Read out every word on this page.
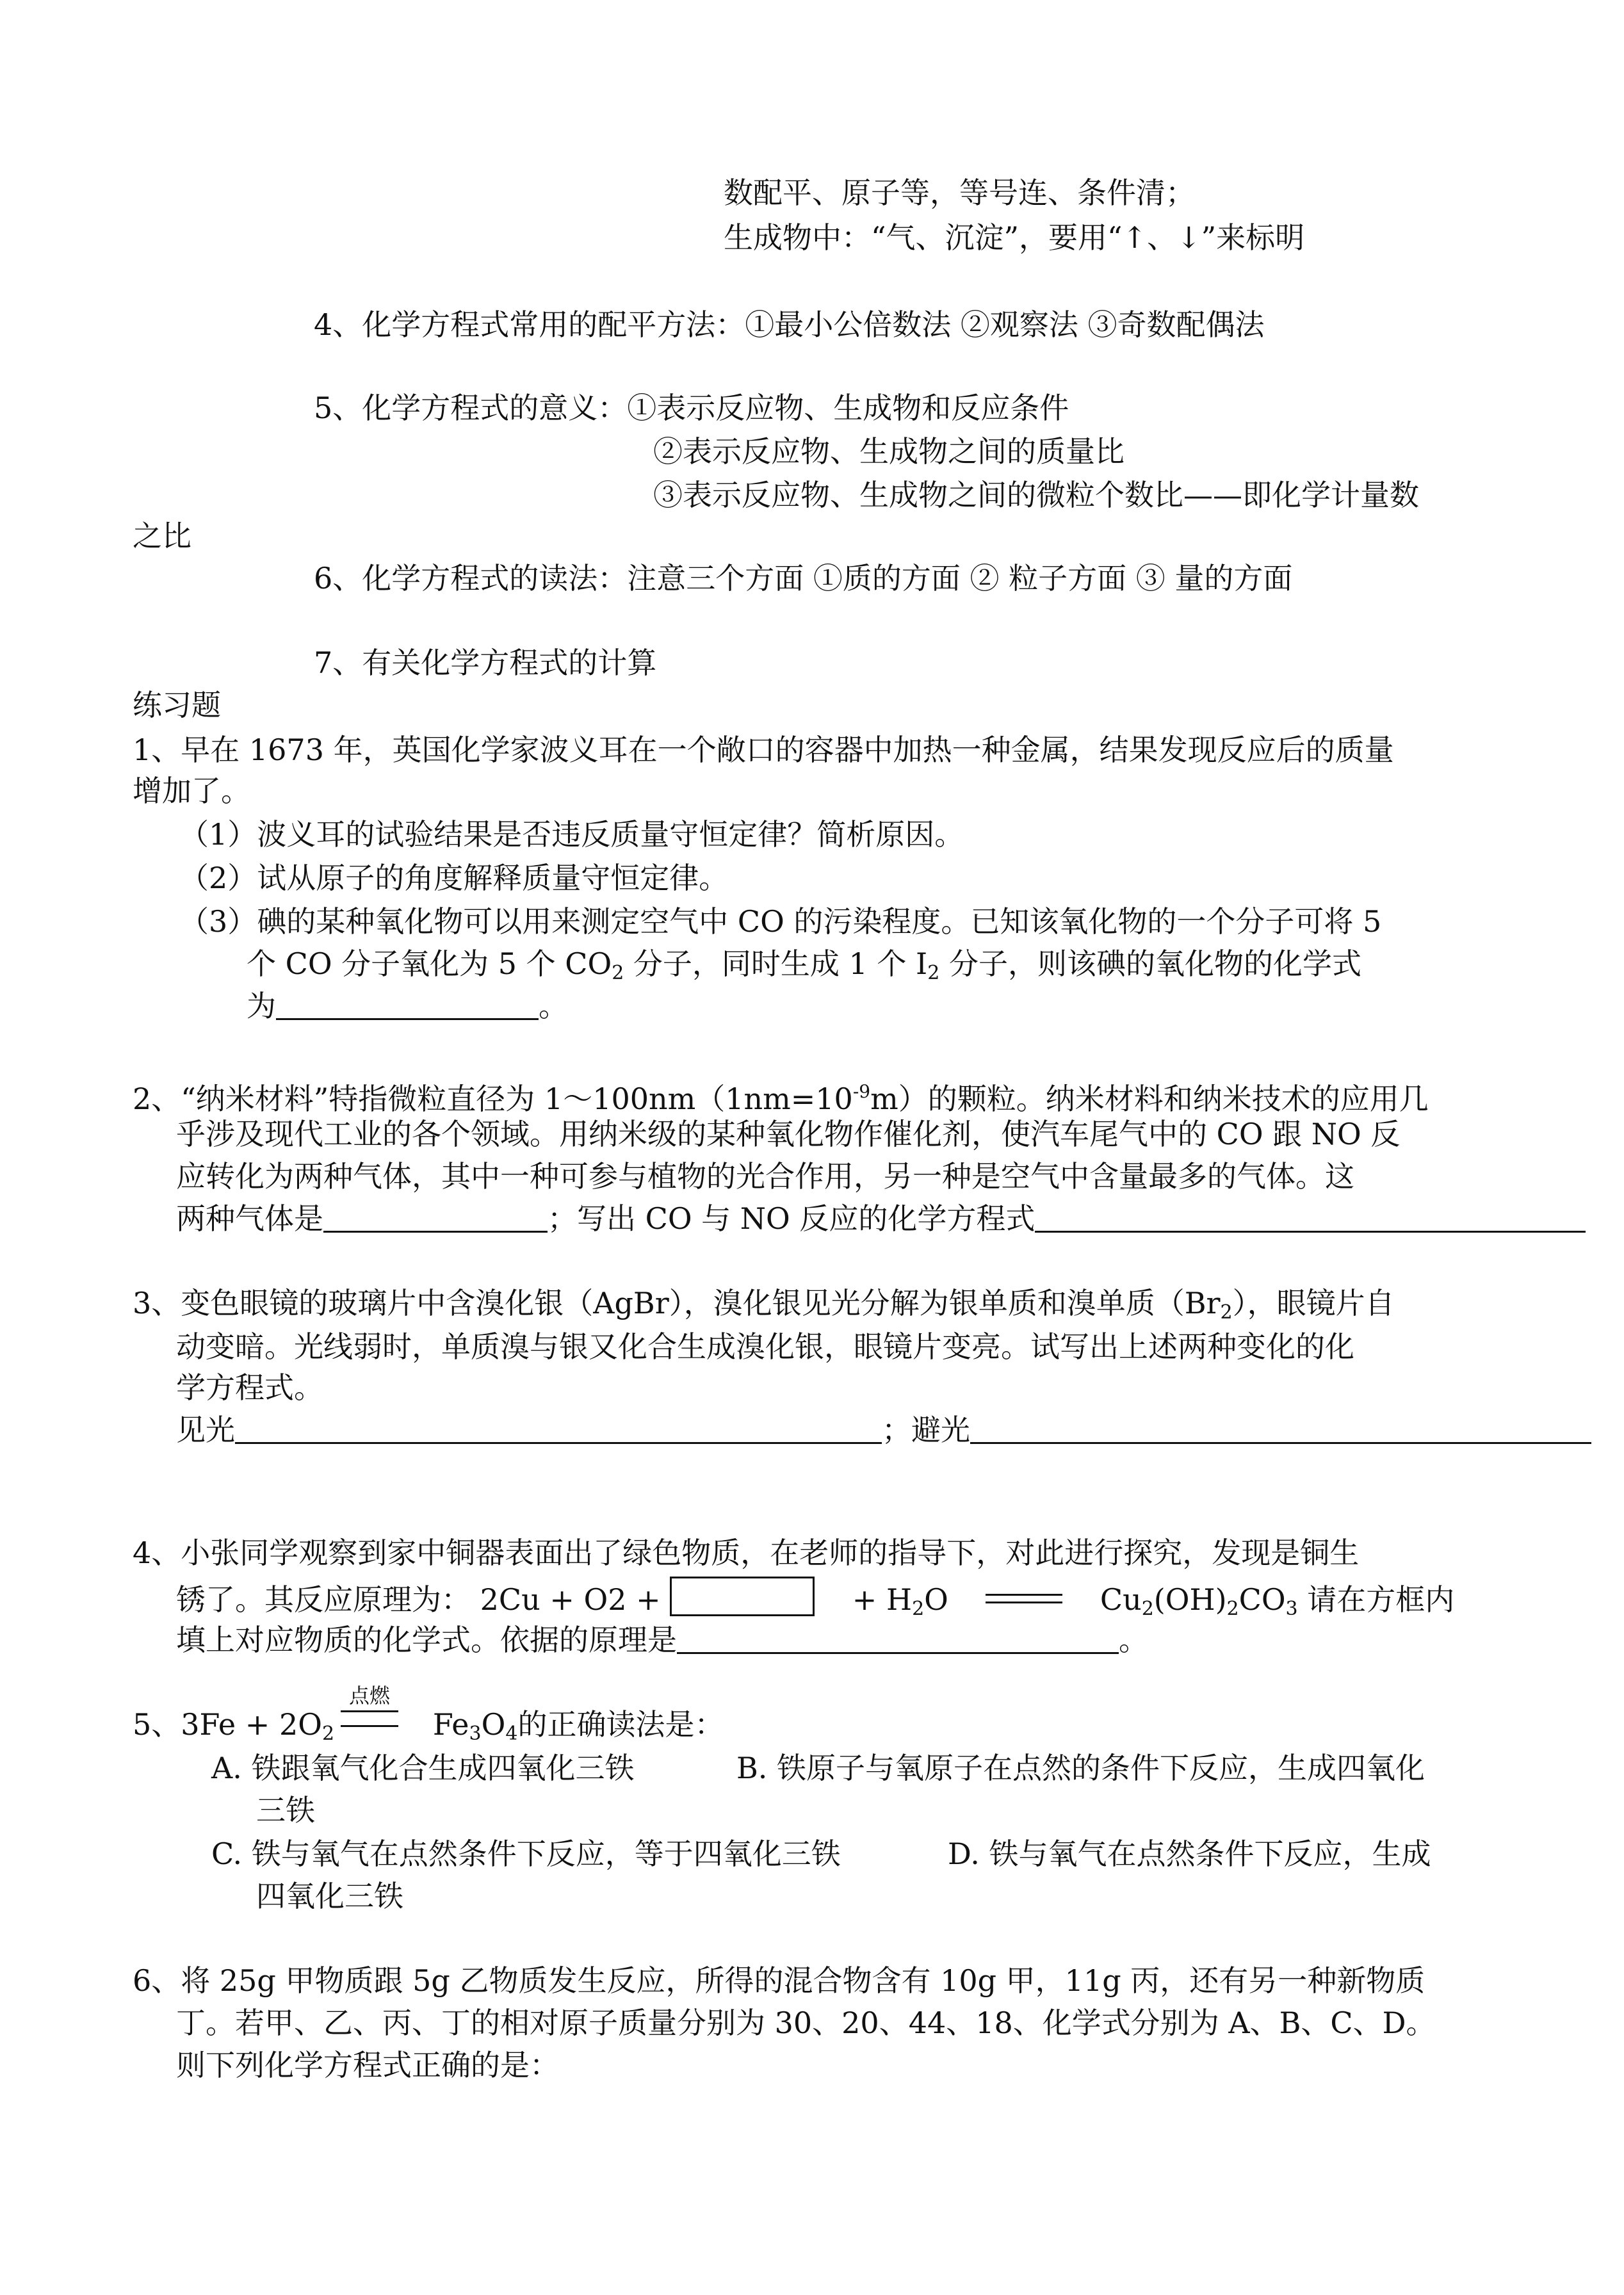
数配平、原子等，等号连、条件清；

生成物中：“气、沉淀”，要用“↑、↓”来标明

4、化学方程式常用的配平方法：①最小公倍数法 ②观察法 ③奇数配偶法

5、化学方程式的意义：①表示反应物、生成物和反应条件

②表示反应物、生成物之间的质量比

③表示反应物、生成物之间的微粒个数比——即化学计量数

之比

6、化学方程式的读法：注意三个方面 ①质的方面 ② 粒子方面 ③ 量的方面

7、有关化学方程式的计算

练习题

1、早在 1673 年，英国化学家波义耳在一个敞口的容器中加热一种金属，结果发现反应后的质量

增加了。

（1）波义耳的试验结果是否违反质量守恒定律？简析原因。

（2）试从原子的角度解释质量守恒定律。

（3）碘的某种氧化物可以用来测定空气中 CO 的污染程度。已知该氧化物的一个分子可将 5

个 CO 分子氧化为 5 个 $CO_2$ 分子，同时生成 1 个 $I_2$ 分子，则该碘的氧化物的化学式

为	。

2、“纳米材料”特指微粒直径为 $1\sim 100nm(1nm=10^{-9}m)$的颗粒。纳米材料和纳米技术的应用几

乎涉及现代工业的各个领域。用纳米级的某种氧化物作催化剂，使汽车尾气中的 CO 跟 NO 反

应转化为两种气体，其中一种可参与植物的光合作用，另一种是空气中含量最多的气体。这

两种气体是	；写出 CO 与 NO 反应的化学方程式

3、变色眼镜的玻璃片中含溴化银（AgBr），溴化银见光分解为银单质和溴单质$(Br_2)$，眼镜片自

动变暗。光线弱时，单质溴与银又化合生成溴化银，眼镜片变亮。试写出上述两种变化的化

学方程式。

见光	；避光

4、小张同学观察到家中铜器表面出了绿色物质，在老师的指导下，对此进行探究，发现是铜生

锈了。其反应原理为： 2Cu + O2 +	+ $H_2O$	$Cu_2(OH)_2CO_3$ 请在方框内

填上对应物质的化学式。依据的原理是	。

5、$3Fe + 2O_2$
点燃
$Fe_3O_4$的正确读法是：

A. 铁跟氧气化合生成四氧化三铁	B. 铁原子与氧原子在点然的条件下反应，生成四氧化

三铁

C. 铁与氧气在点然条件下反应，等于四氧化三铁	D. 铁与氧气在点然条件下反应，生成

四氧化三铁

6、将 25g 甲物质跟 5g 乙物质发生反应，所得的混合物含有 10g 甲，11g 丙，还有另一种新物质

丁。若甲、乙、丙、丁的相对原子质量分别为 30、20、44、18、化学式分别为 A、B、C、D。

则下列化学方程式正确的是：
